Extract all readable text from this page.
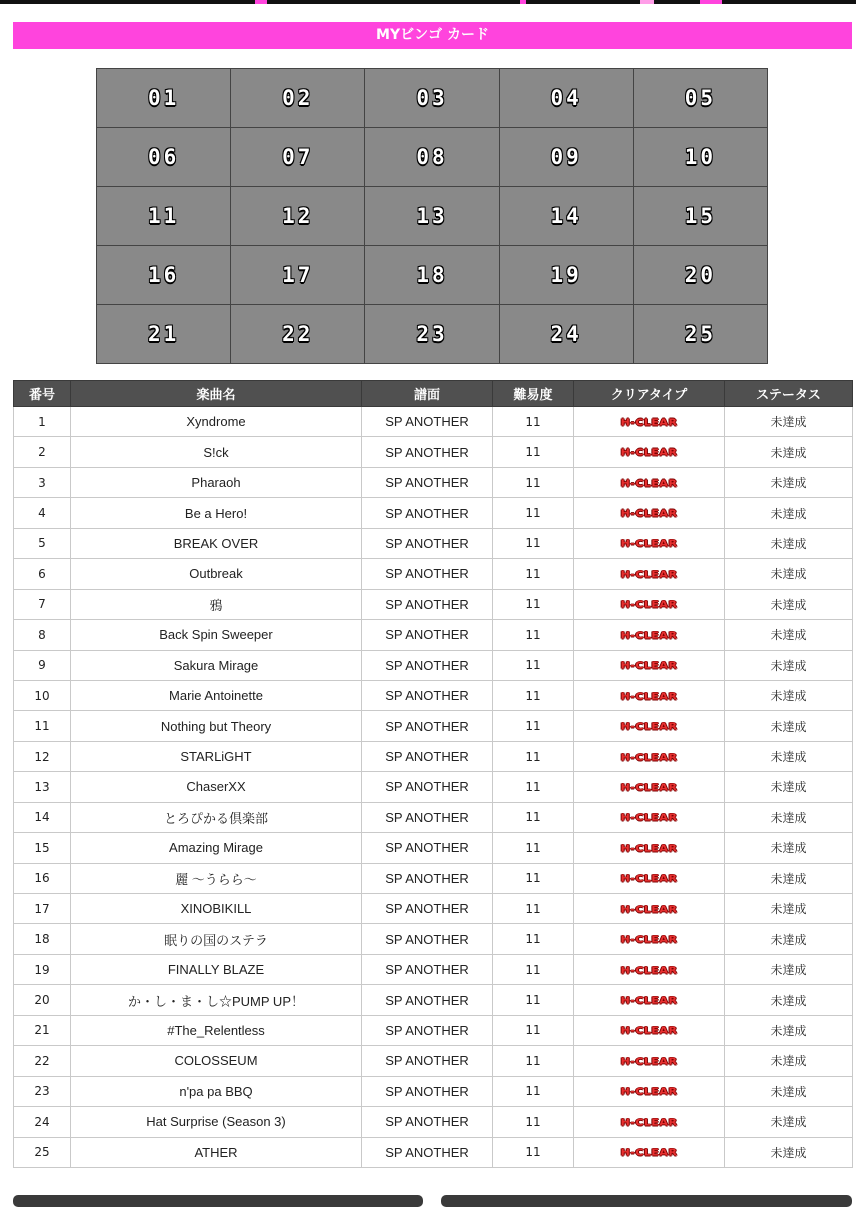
MYビンゴ カード
01	02	03	04	05
06	07	08	09	10
11	12	13	14	15
16	17	18	19	20
21	22	23	24	25
番号	楽曲名	譜面	難易度	クリアタイプ	ステータス
1	Xyndrome	SP ANOTHER	11	H-CLEAR	未達成
2	S!ck	SP ANOTHER	11	H-CLEAR	未達成
3	Pharaoh	SP ANOTHER	11	H-CLEAR	未達成
4	Be a Hero!	SP ANOTHER	11	H-CLEAR	未達成
5	BREAK OVER	SP ANOTHER	11	H-CLEAR	未達成
6	Outbreak	SP ANOTHER	11	H-CLEAR	未達成
7	鴉	SP ANOTHER	11	H-CLEAR	未達成
8	Back Spin Sweeper	SP ANOTHER	11	H-CLEAR	未達成
9	Sakura Mirage	SP ANOTHER	11	H-CLEAR	未達成
10	Marie Antoinette	SP ANOTHER	11	H-CLEAR	未達成
11	Nothing but Theory	SP ANOTHER	11	H-CLEAR	未達成
12	STARLiGHT	SP ANOTHER	11	H-CLEAR	未達成
13	ChaserXX	SP ANOTHER	11	H-CLEAR	未達成
14	とろぴかる倶楽部	SP ANOTHER	11	H-CLEAR	未達成
15	Amazing Mirage	SP ANOTHER	11	H-CLEAR	未達成
16	麗 〜うらら〜	SP ANOTHER	11	H-CLEAR	未達成
17	XINOBIKILL	SP ANOTHER	11	H-CLEAR	未達成
18	眠りの国のステラ	SP ANOTHER	11	H-CLEAR	未達成
19	FINALLY BLAZE	SP ANOTHER	11	H-CLEAR	未達成
20	か・し・ま・し☆PUMP UP！	SP ANOTHER	11	H-CLEAR	未達成
21	#The_Relentless	SP ANOTHER	11	H-CLEAR	未達成
22	COLOSSEUM	SP ANOTHER	11	H-CLEAR	未達成
23	n'pa pa BBQ	SP ANOTHER	11	H-CLEAR	未達成
24	Hat Surprise (Season 3)	SP ANOTHER	11	H-CLEAR	未達成
25	ATHER	SP ANOTHER	11	H-CLEAR	未達成
